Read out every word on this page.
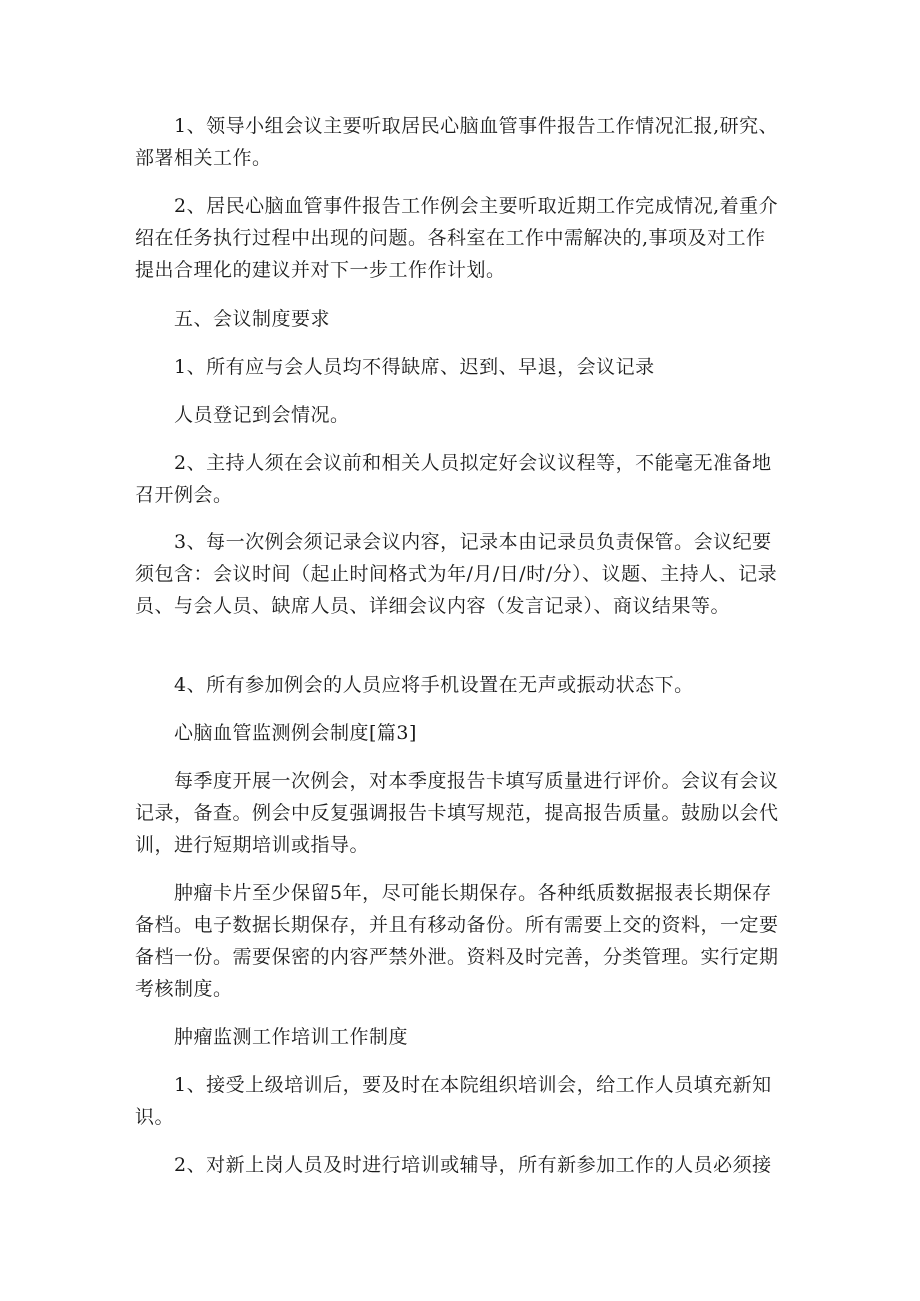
　　1、领导小组会议主要听取居民心脑血管事件报告工作情况汇报,研究、部署相关工作。

　　2、居民心脑血管事件报告工作例会主要听取近期工作完成情况,着重介绍在任务执行过程中出现的问题。各科室在工作中需解决的,事项及对工作提出合理化的建议并对下一步工作作计划。

　　五、会议制度要求

　　1、所有应与会人员均不得缺席、迟到、早退，会议记录

　　人员登记到会情况。

　　2、主持人须在会议前和相关人员拟定好会议议程等，不能毫无准备地召开例会。

　　3、每一次例会须记录会议内容，记录本由记录员负责保管。会议纪要须包含：会议时间（起止时间格式为年/月/日/时/分）、议题、主持人、记录员、与会人员、缺席人员、详细会议内容（发言记录）、商议结果等。

　　4、所有参加例会的人员应将手机设置在无声或振动状态下。

　　心脑血管监测例会制度[篇3]

　　每季度开展一次例会，对本季度报告卡填写质量进行评价。会议有会议记录，备查。例会中反复强调报告卡填写规范，提高报告质量。鼓励以会代训，进行短期培训或指导。

　　肿瘤卡片至少保留5年，尽可能长期保存。各种纸质数据报表长期保存备档。电子数据长期保存，并且有移动备份。所有需要上交的资料，一定要备档一份。需要保密的内容严禁外泄。资料及时完善，分类管理。实行定期考核制度。

　　肿瘤监测工作培训工作制度

　　1、接受上级培训后，要及时在本院组织培训会，给工作人员填充新知识。

　　2、对新上岗人员及时进行培训或辅导，所有新参加工作的人员必须接
